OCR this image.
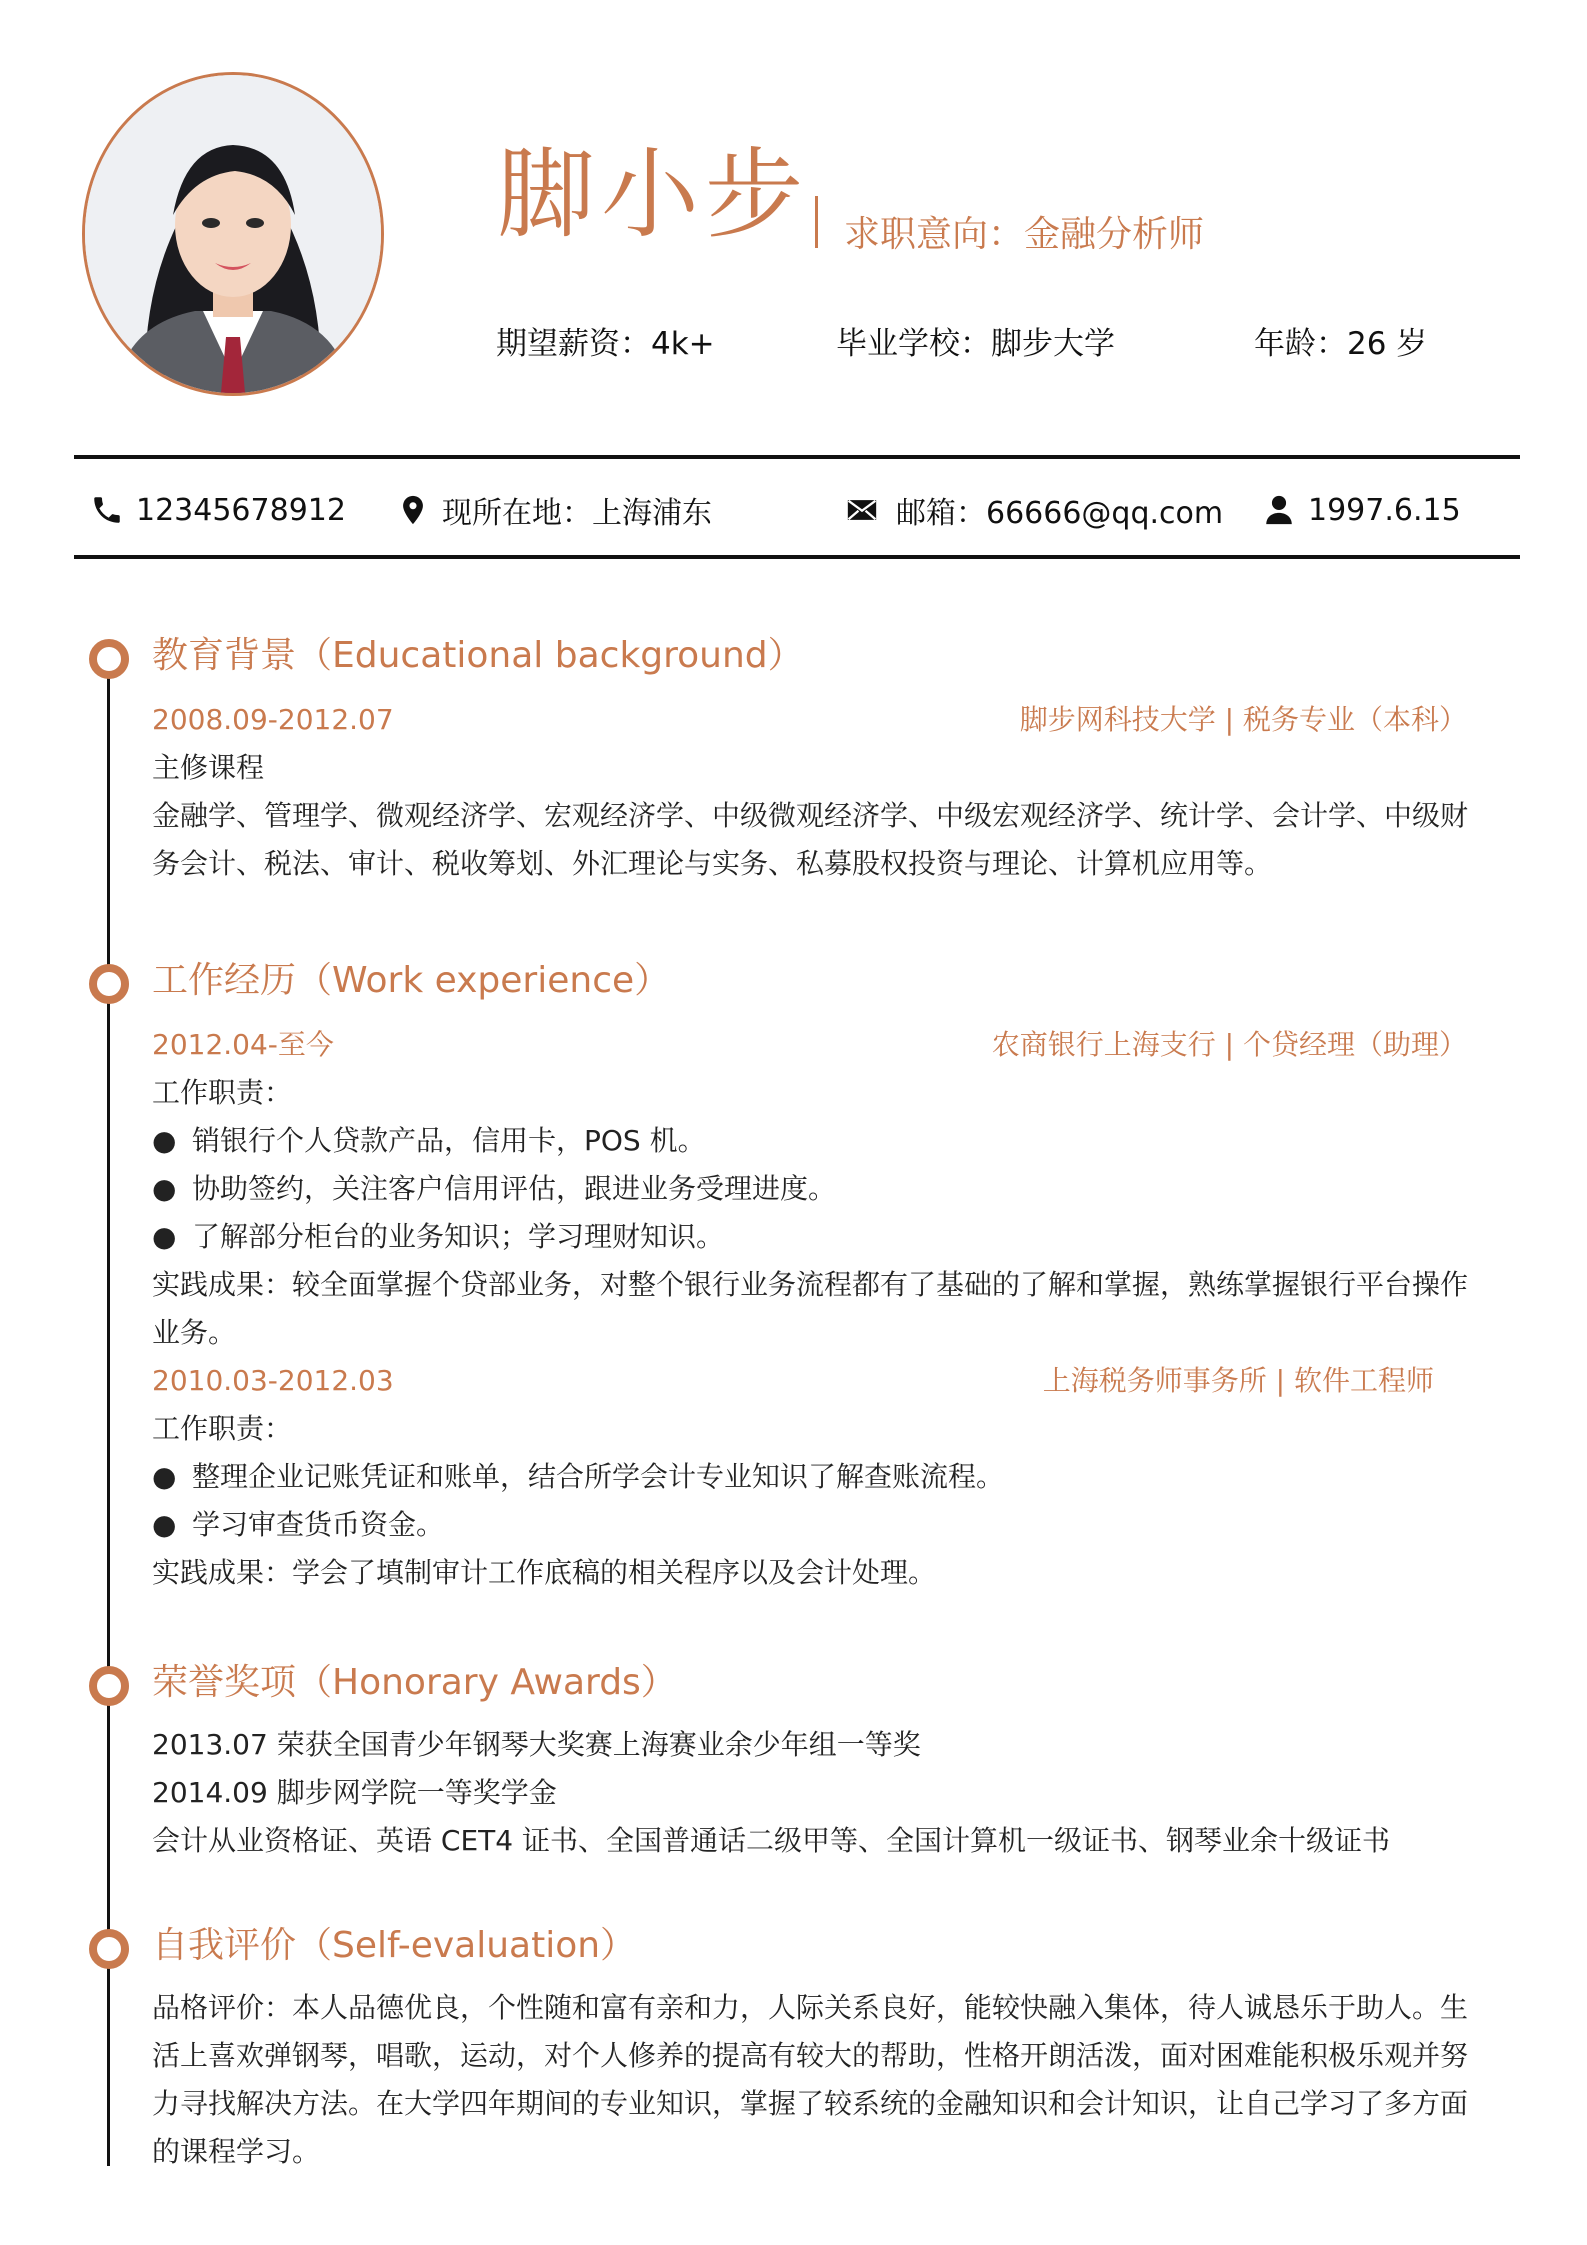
脚小步 求职意向：金融分析师
期望薪资：4k+	毕业学校：脚步大学	年龄：26 岁
12345678912	现所在地：上海浦东	邮箱：66666@qq.com	1997.6.15
教育背景（Educational background）
2008.09-2012.07	脚步网科技大学 | 税务专业（本科）
主修课程
金融学、管理学、微观经济学、宏观经济学、中级微观经济学、中级宏观经济学、统计学、会计学、中级财务会计、税法、审计、税收筹划、外汇理论与实务、私募股权投资与理论、计算机应用等。
工作经历（Work experience）
2012.04-至今	农商银行上海支行 | 个贷经理（助理）
工作职责：
● 销银行个人贷款产品，信用卡，POS 机。
● 协助签约，关注客户信用评估，跟进业务受理进度。
● 了解部分柜台的业务知识；学习理财知识。
实践成果：较全面掌握个贷部业务，对整个银行业务流程都有了基础的了解和掌握，熟练掌握银行平台操作业务。
2010.03-2012.03	上海税务师事务所 | 软件工程师
工作职责：
● 整理企业记账凭证和账单，结合所学会计专业知识了解查账流程。
● 学习审查货币资金。
实践成果：学会了填制审计工作底稿的相关程序以及会计处理。
荣誉奖项（Honorary Awards）
2013.07 荣获全国青少年钢琴大奖赛上海赛业余少年组一等奖
2014.09 脚步网学院一等奖学金
会计从业资格证、英语 CET4 证书、全国普通话二级甲等、全国计算机一级证书、钢琴业余十级证书
自我评价（Self-evaluation）
品格评价：本人品德优良，个性随和富有亲和力，人际关系良好，能较快融入集体，待人诚恳乐于助人。生活上喜欢弹钢琴，唱歌，运动，对个人修养的提高有较大的帮助，性格开朗活泼，面对困难能积极乐观并努力寻找解决方法。在大学四年期间的专业知识，掌握了较系统的金融知识和会计知识，让自己学习了多方面的课程学习。
